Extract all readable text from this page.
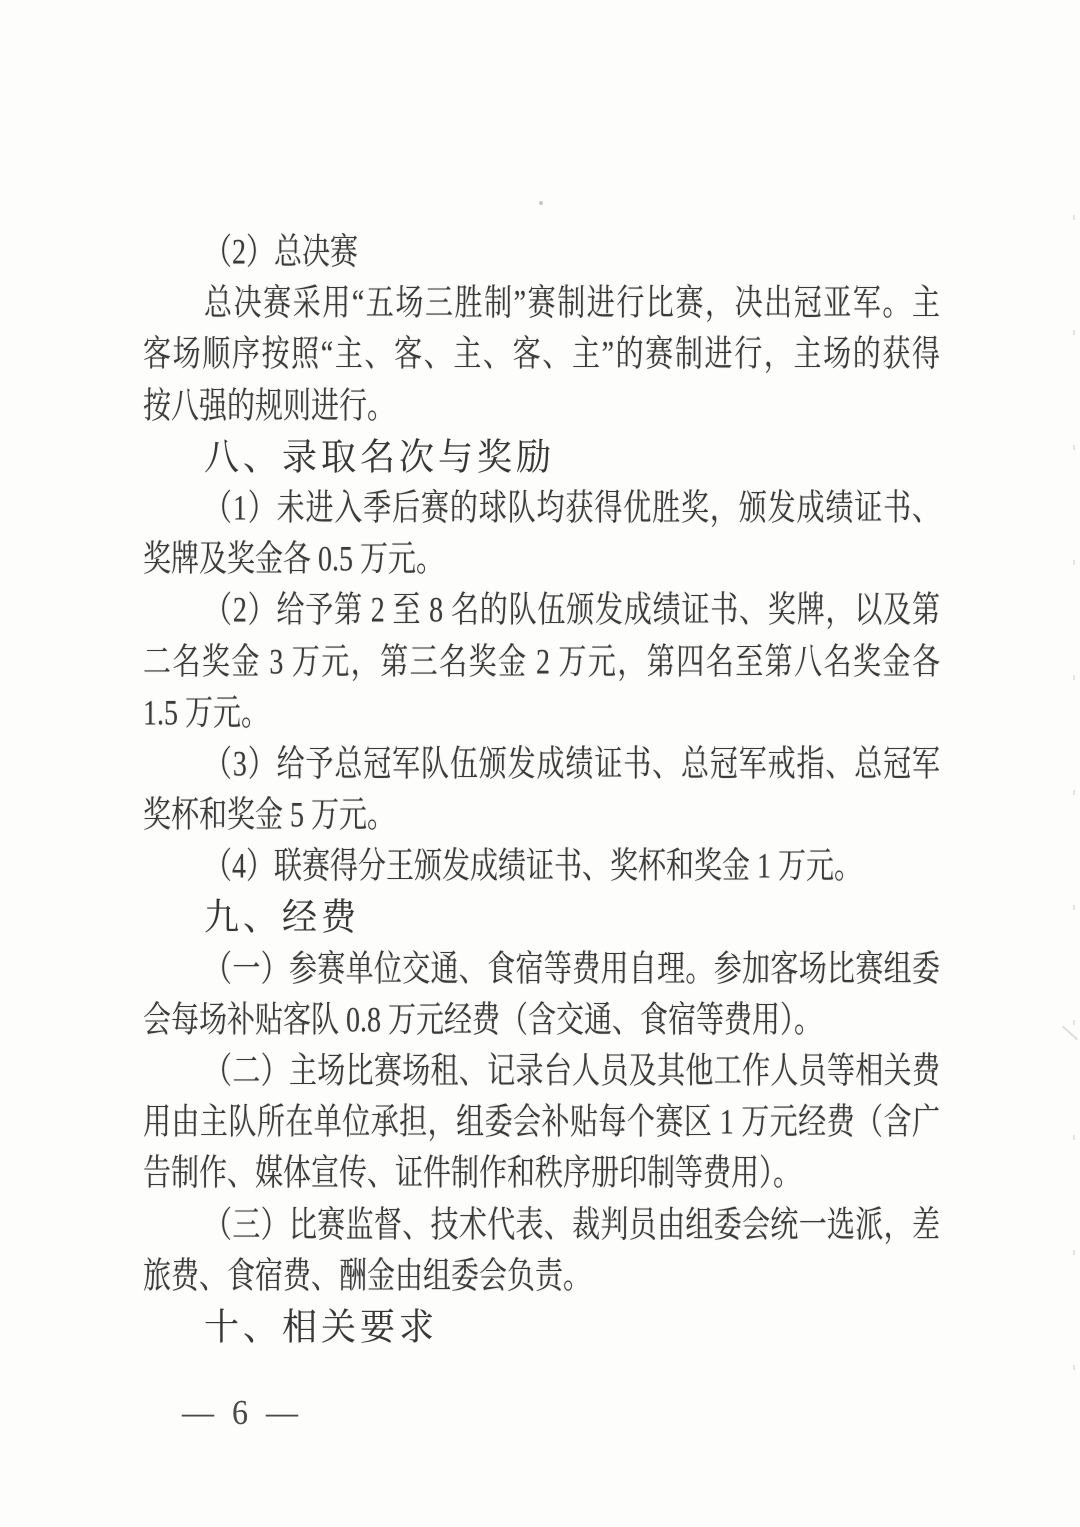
（2）总决赛
总决赛采用“五场三胜制”赛制进行比赛，决出冠亚军。主
客场顺序按照“主、客、主、客、主”的赛制进行，主场的获得
按八强的规则进行。
八、录取名次与奖励
（1）未进入季后赛的球队均获得优胜奖，颁发成绩证书、
奖牌及奖金各 0.5 万元。
（2）给予第 2 至 8 名的队伍颁发成绩证书、奖牌，以及第
二名奖金 3 万元，第三名奖金 2 万元，第四名至第八名奖金各
1.5 万元。
（3）给予总冠军队伍颁发成绩证书、总冠军戒指、总冠军
奖杯和奖金 5 万元。
（4）联赛得分王颁发成绩证书、奖杯和奖金 1 万元。
九、经费
（一）参赛单位交通、食宿等费用自理。参加客场比赛组委
会每场补贴客队 0.8 万元经费（含交通、食宿等费用）。
（二）主场比赛场租、记录台人员及其他工作人员等相关费
用由主队所在单位承担，组委会补贴每个赛区 1 万元经费（含广
告制作、媒体宣传、证件制作和秩序册印制等费用）。
（三）比赛监督、技术代表、裁判员由组委会统一选派，差
旅费、食宿费、酬金由组委会负责。
十、相关要求
— 6 —
